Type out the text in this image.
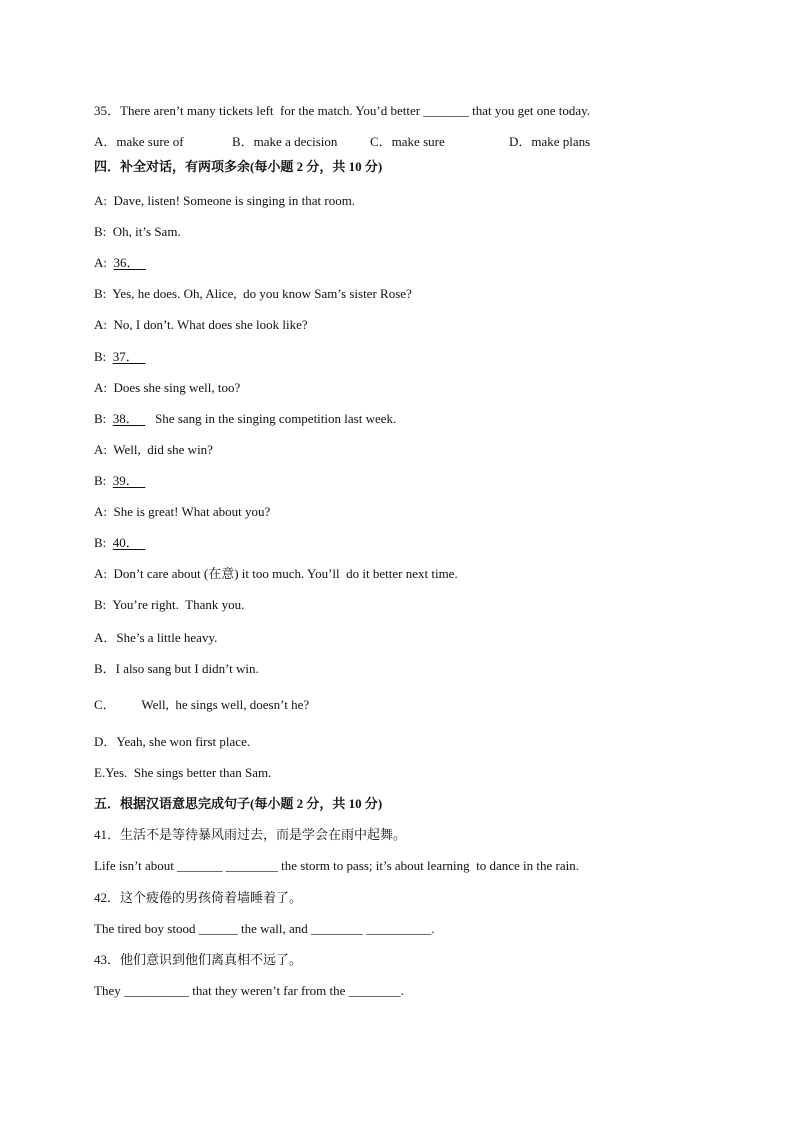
35．There aren’t many tickets left  for the match. You’d better _______ that you get one today.
A．make sure of	B．make a decision	C．make sure	D．make plans
四．补全对话，有两项多余(每小题 2 分，共 10 分)
A: Dave, listen! Someone is singing in that room.
B: Oh, it’s Sam.
A: 36．
B: Yes, he does. Oh, Alice,  do you know Sam’s sister Rose?
A: No, I don’t. What does she look like?
B: 37．
A: Does she sing well, too?
B: 38．     She sang in the singing competition last week.
A: Well,  did she win?
B: 39．
A: She is great! What about you?
B: 40．
A: Don’t care about (在意) it too much. You’ll  do it better next time.
B: You’re right.  Thank you.
A．She’s a little heavy.
B．I also sang but I didn’t win.
C．        Well,  he sings well, doesn’t he?
D．Yeah, she won first place.
E.Yes.  She sings better than Sam.
五．根据汉语意思完成句子(每小题 2 分，共 10 分)
41．生活不是等待暴风雨过去，而是学会在雨中起舞。
Life isn’t about _______ ________ the storm to pass; it’s about learning  to dance in the rain.
42．这个疲倦的男孩倚着墙睡着了。
The tired boy stood ______ the wall, and ________ __________.
43．他们意识到他们离真相不远了。
They __________ that they weren’t far from the ________.
